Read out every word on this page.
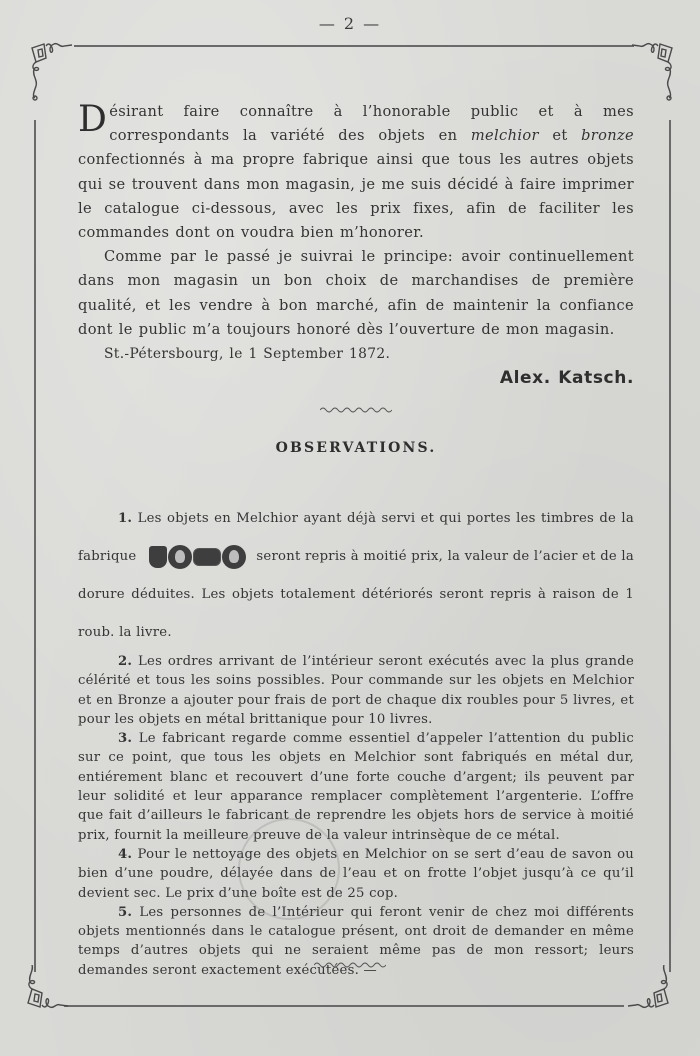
— 2 —

Désirant faire connaître à l’honorable public et à mes correspondants la variété des objets en melchior et bronze confectionnés à ma propre fabrique ainsi que tous les autres objets qui se trouvent dans mon magasin, je me suis décidé à faire imprimer le catalogue ci-dessous, avec les prix fixes, afin de faciliter les commandes dont on voudra bien m’honorer.

Comme par le passé je suivrai le principe: avoir continuellement dans mon magasin un bon choix de marchandises de première qualité, et les vendre à bon marché, afin de maintenir la confiance dont le public m’a toujours honoré dès l’ouverture de mon magasin.

St.-Pétersbourg, le 1 September 1872.

Alex. Katsch.

OBSERVATIONS.

1. Les objets en Melchior ayant déjà servi et qui portes les timbres de la fabrique	seront repris à moitié prix, la valeur de l’acier et de la dorure déduites. Les objets totalement détériorés seront repris à raison de 1 roub. la livre.

2. Les ordres arrivant de l’intérieur seront exécutés avec la plus grande célérité et tous les soins possibles. Pour commande sur les objets en Melchior et en Bronze a ajouter pour frais de port de chaque dix roubles pour 5 livres, et pour les objets en métal brittanique pour 10 livres.

3. Le fabricant regarde comme essentiel d’appeler l’attention du public sur ce point, que tous les objets en Melchior sont fabriqués en métal dur, entiérement blanc et recouvert d’une forte couche d’argent; ils peuvent par leur solidité et leur apparance remplacer complètement l’argenterie. L’offre que fait d’ailleurs le fabricant de reprendre les objets hors de service à moitié prix, fournit la meilleure preuve de la valeur intrinsèque de ce métal.

4. Pour le nettoyage des objets en Melchior on se sert d’eau de savon ou bien d’une poudre, délayée dans de l’eau et on frotte l’objet jusqu’à ce qu’il devient sec. Le prix d’une boîte est de 25 cop.

5. Les personnes de l’Intérieur qui feront venir de chez moi différents objets mentionnés dans le catalogue présent, ont droit de demander en même temps d’autres objets qui ne seraient même pas de mon ressort; leurs demandes seront exactement exécutées. —
